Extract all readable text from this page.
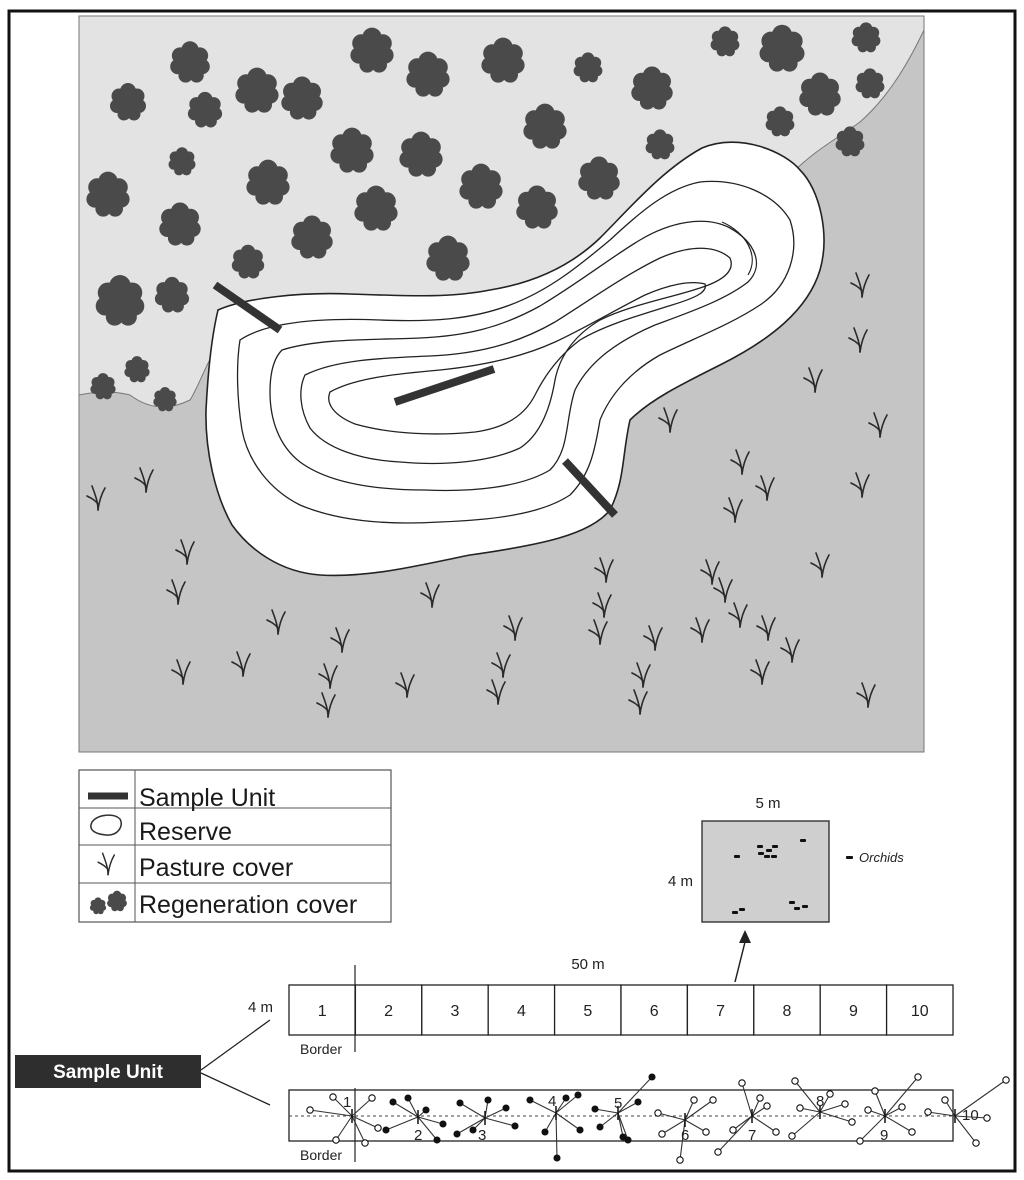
Sample Unit
Reserve
Pasture cover
Regeneration cover
5 m
4 m
Orchids
50 m
4 m	1	2	3	4	5	6	7	8	9	10
Border
Sample Unit
Border
1
2	3
4	5
6	7
8
9
10
